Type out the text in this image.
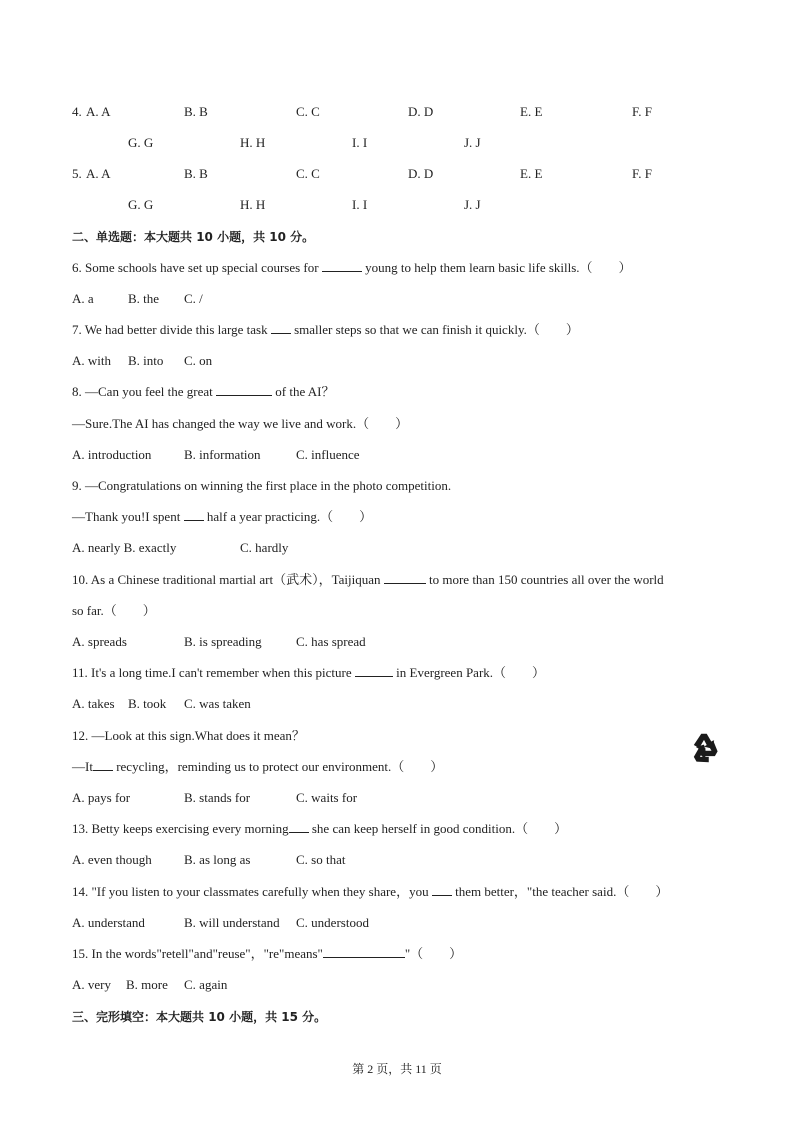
4. A. A	B. B	C. C	D. D	E. E	F. F
G. G	H. H	I. I	J. J
5. A. A	B. B	C. C	D. D	E. E	F. F
G. G	H. H	I. I	J. J
二、单选题：本大题共 10 小题，共 10 分。
6. Some schools have set up special courses for	young to help them learn basic life skills.（　　）
A. a	B. the C. /
7. We had better divide this large task  smaller steps so that we can finish it quickly.（　　）
A. with B. into C. on
8. —Can you feel the great	of the AI？
—Sure.The AI has changed the way we live and work.（　　）
A. introduction	B. information	C. influence
9. —Congratulations on winning the first place in the photo competition.
—Thank you!I spent  half a year practicing.（　　）
A. nearly B. exactly	C. hardly
10. As a Chinese traditional martial art（武术），Taijiquan	to more than 150 countries all over the world
so far.（　　）
A. spreads	B. is spreading	C. has spread
11. It's a long time.I can't remember when this picture	in Evergreen Park.（　　）
A. takes B. took C. was taken
12. —Look at this sign.What does it mean？
—It recycling，reminding us to protect our environment.（　　）
A. pays for	B. stands for	C. waits for
13. Betty keeps exercising every morning she can keep herself in good condition.（　　）
A. even though B. as long as	C. so that
14. "If you listen to your classmates carefully when they share，you  them better，"the teacher said.（　　）
A. understand	B. will understand C. understood
15. In the words"retell"and"reuse"，"re"means"	"（　　）
A. very B. more C. again
三、完形填空：本大题共 10 小题，共 15 分。
第 2 页，共 11 页
